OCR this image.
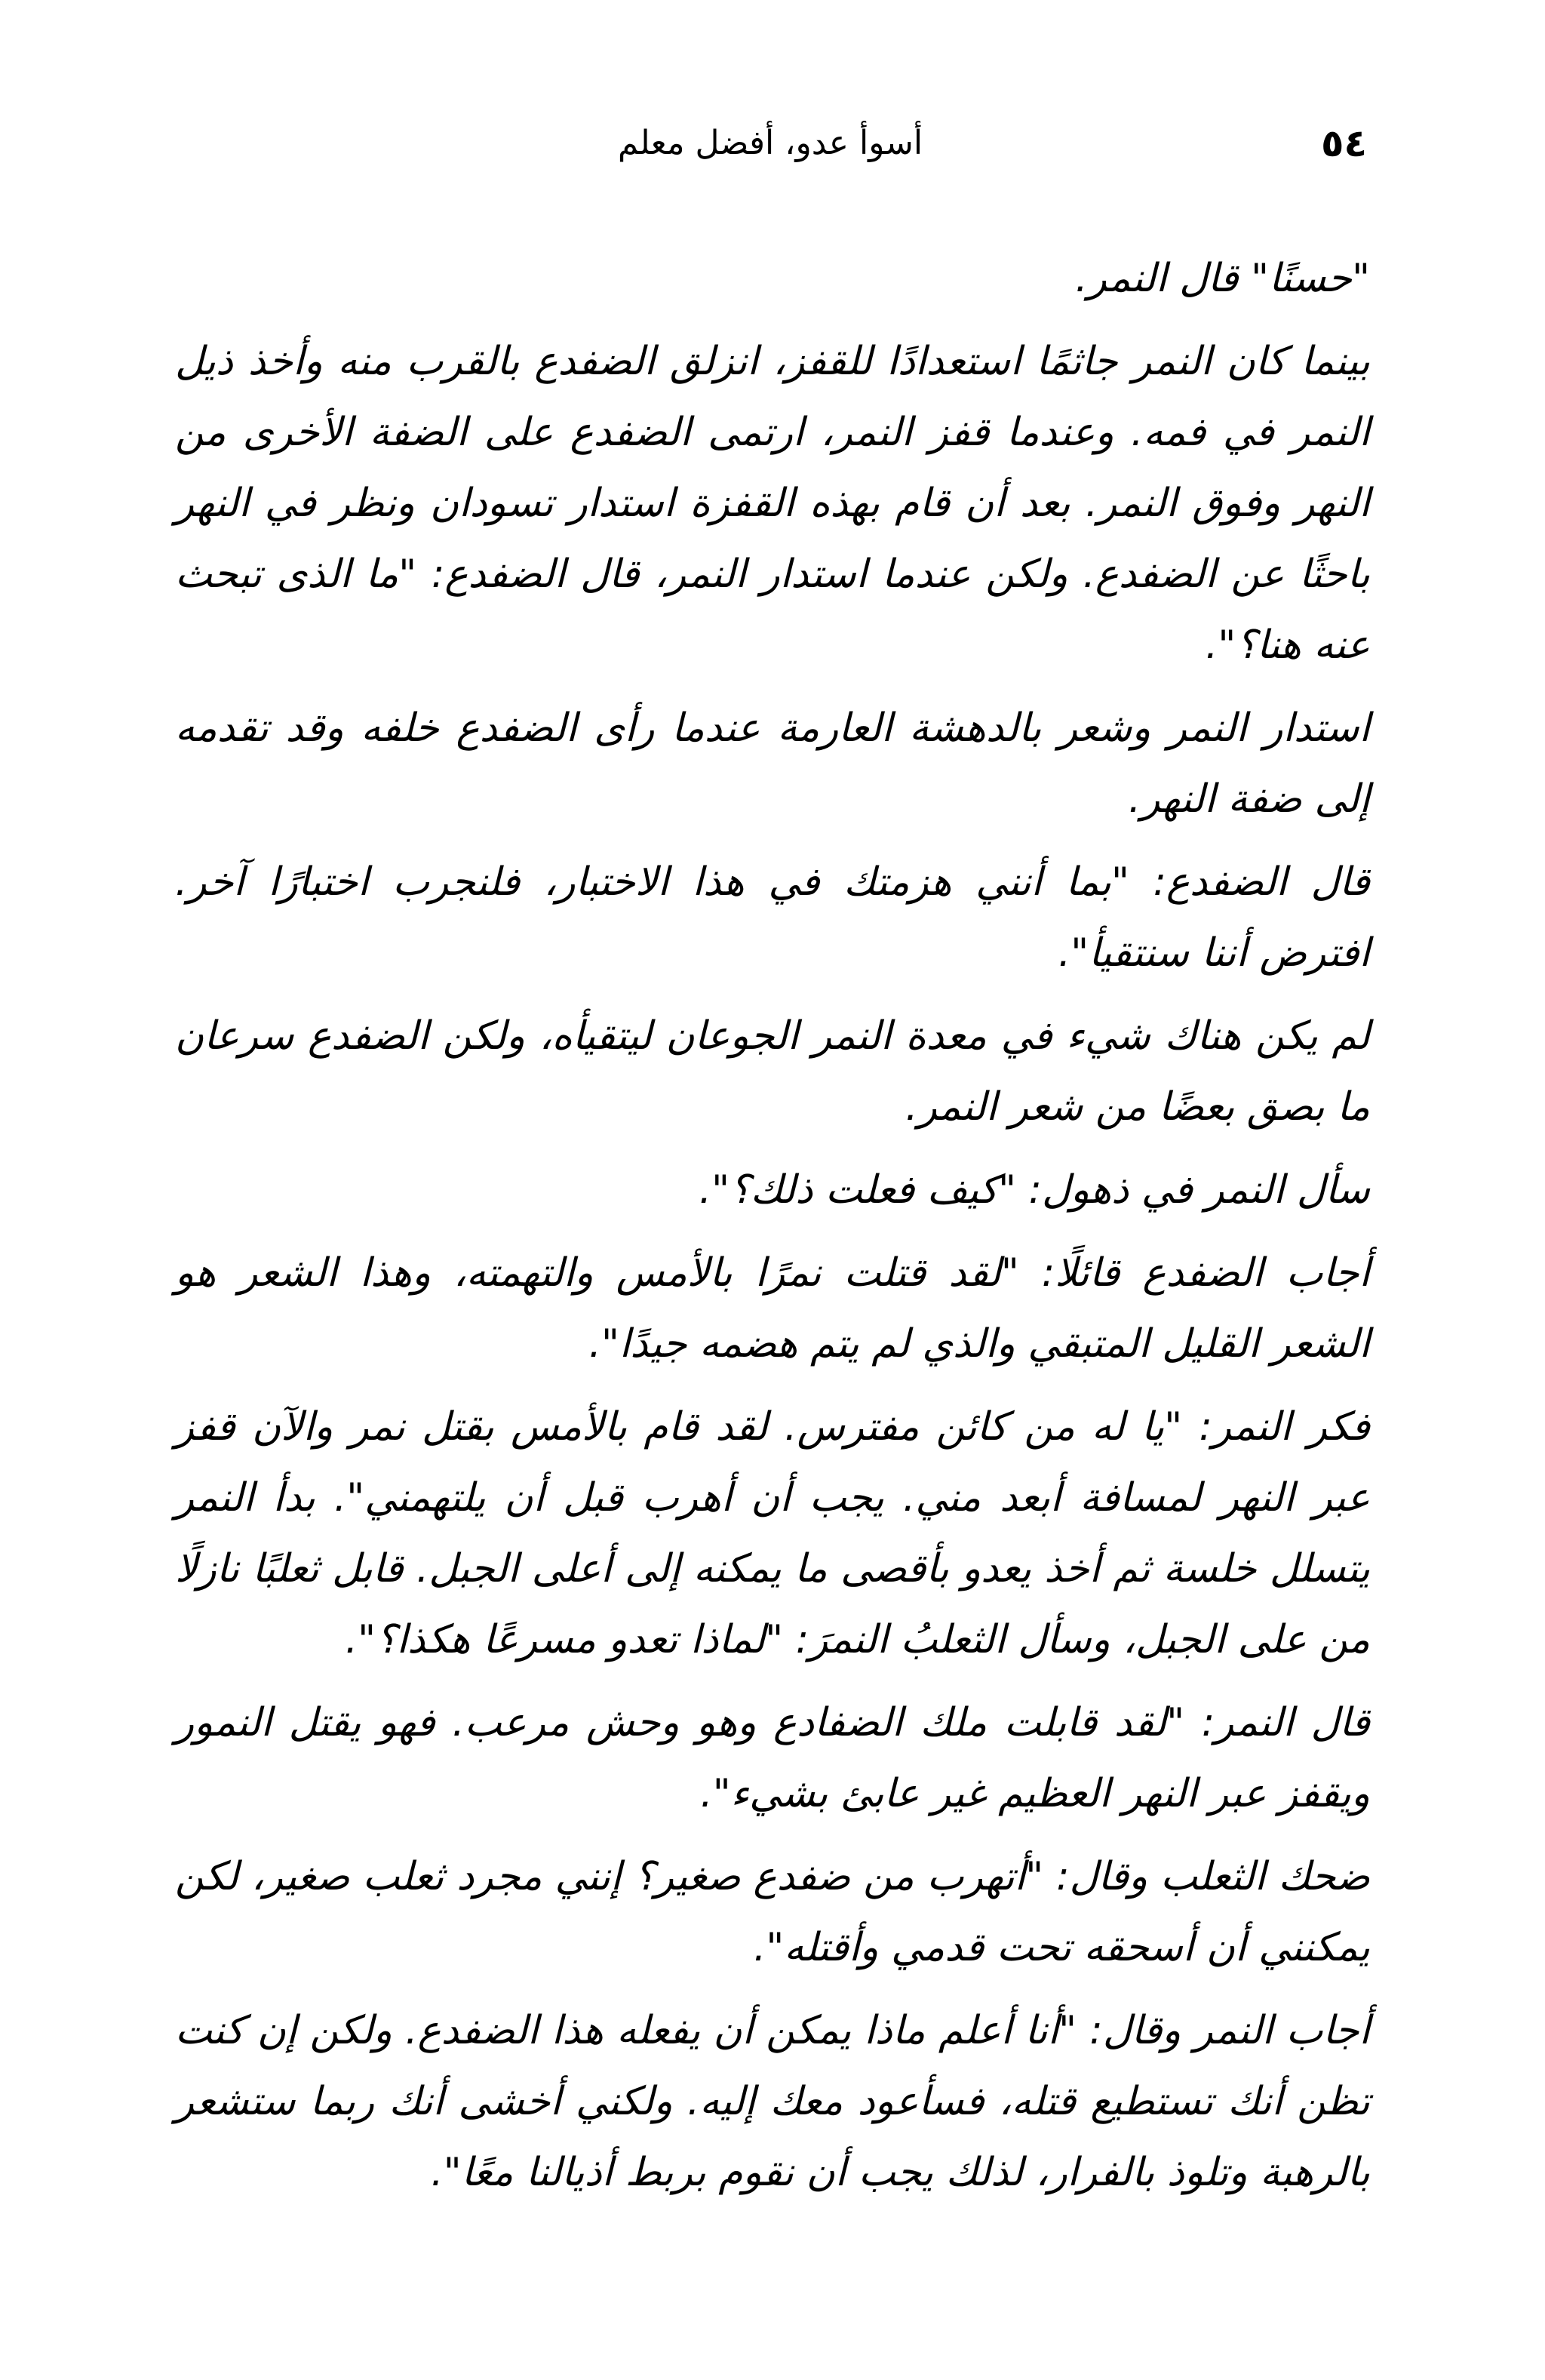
٥٤
أسوأ عدو، أفضل معلم

"حسنًا" قال النمر.

بينما كان النمر جاثمًا استعدادًا للقفز، انزلق الضفدع بالقرب منه وأخذ ذيل النمر في فمه. وعندما قفز النمر، ارتمى الضفدع على الضفة الأخرى من النهر وفوق النمر. بعد أن قام بهذه القفزة استدار تسودان ونظر في النهر باحثًا عن الضفدع. ولكن عندما استدار النمر، قال الضفدع: "ما الذى تبحث عنه هنا؟".

استدار النمر وشعر بالدهشة العارمة عندما رأى الضفدع خلفه وقد تقدمه إلى ضفة النهر.

قال الضفدع: "بما أنني هزمتك في هذا الاختبار، فلنجرب اختبارًا آخر. افترض أننا سنتقيأ".

لم يكن هناك شيء في معدة النمر الجوعان ليتقيأه، ولكن الضفدع سرعان ما بصق بعضًا من شعر النمر.

سأل النمر في ذهول: "كيف فعلت ذلك؟".

أجاب الضفدع قائلًا: "لقد قتلت نمرًا بالأمس والتهمته، وهذا الشعر هو الشعر القليل المتبقي والذي لم يتم هضمه جيدًا".

فكر النمر: "يا له من كائن مفترس. لقد قام بالأمس بقتل نمر والآن قفز عبر النهر لمسافة أبعد مني. يجب أن أهرب قبل أن يلتهمني". بدأ النمر يتسلل خلسة ثم أخذ يعدو بأقصى ما يمكنه إلى أعلى الجبل. قابل ثعلبًا نازلًا من على الجبل، وسأل الثعلبُ النمرَ: "لماذا تعدو مسرعًا هكذا؟".

قال النمر: "لقد قابلت ملك الضفادع وهو وحش مرعب. فهو يقتل النمور ويقفز عبر النهر العظيم غير عابئ بشيء".

ضحك الثعلب وقال: "أتهرب من ضفدع صغير؟ إنني مجرد ثعلب صغير، لكن يمكنني أن أسحقه تحت قدمي وأقتله".

أجاب النمر وقال: "أنا أعلم ماذا يمكن أن يفعله هذا الضفدع. ولكن إن كنت تظن أنك تستطيع قتله، فسأعود معك إليه. ولكني أخشى أنك ربما ستشعر بالرهبة وتلوذ بالفرار، لذلك يجب أن نقوم بربط أذيالنا معًا".
